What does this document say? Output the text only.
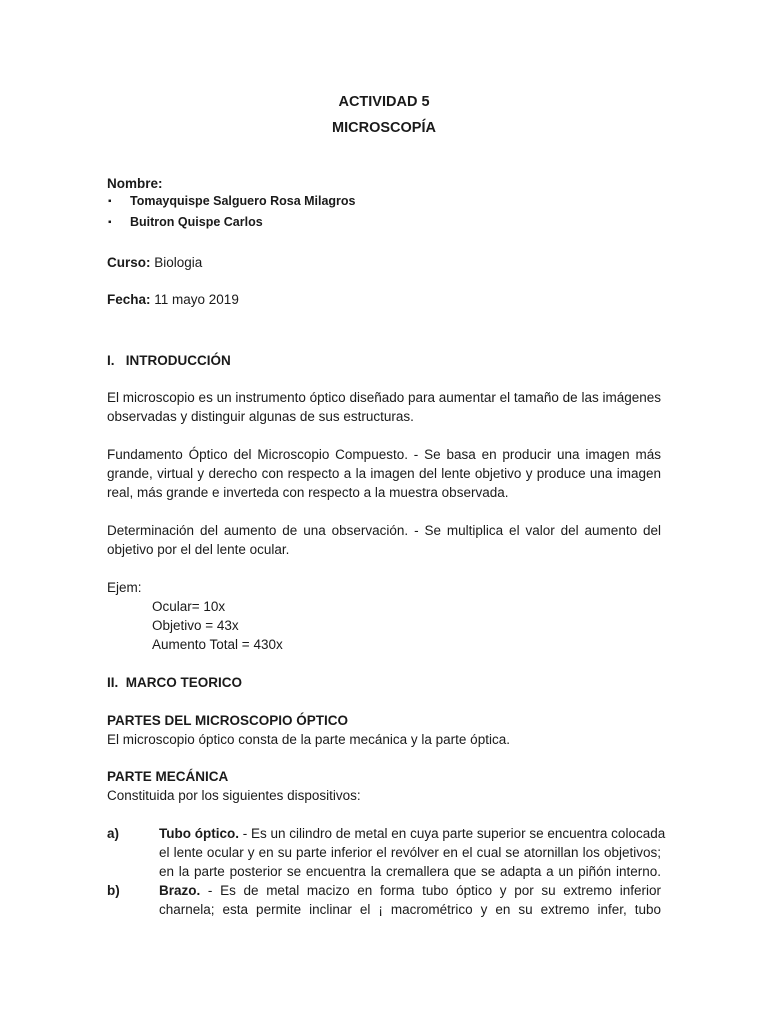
ACTIVIDAD 5
MICROSCOPÍA
Nombre:
▪ Tomayquispe Salguero Rosa Milagros
▪ Buitron Quispe Carlos
Curso: Biologia
Fecha: 11 mayo 2019
I.   INTRODUCCIÓN
El microscopio es un instrumento óptico diseñado para aumentar el tamaño de las imágenes
observadas y distinguir algunas de sus estructuras.
Fundamento Óptico del Microscopio Compuesto. - Se basa en producir una imagen más
grande, virtual y derecho con respecto a la imagen del lente objetivo y produce una imagen
real, más grande e inverteda con respecto a la muestra observada.
Determinación del aumento de una observación. - Se multiplica el valor del aumento del
objetivo por el del lente ocular.
Ejem:
Ocular= 10x
Objetivo = 43x
Aumento Total = 430x
II.  MARCO TEORICO
PARTES DEL MICROSCOPIO ÓPTICO
El microscopio óptico consta de la parte mecánica y la parte óptica.
PARTE MECÁNICA
Constituida por los siguientes dispositivos:
a)	Tubo óptico. - Es un cilindro de metal en cuya parte superior se encuentra colocada
el lente ocular y en su parte inferior el revólver en el cual se atornillan los objetivos;
en la parte posterior se encuentra la cremallera que se adapta a un piñón interno.
b)	Brazo. - Es de metal macizo en forma tubo óptico y por su extremo inferior
charnela; esta permite inclinar el ¡ macrométrico y en su extremo infer, tubo
